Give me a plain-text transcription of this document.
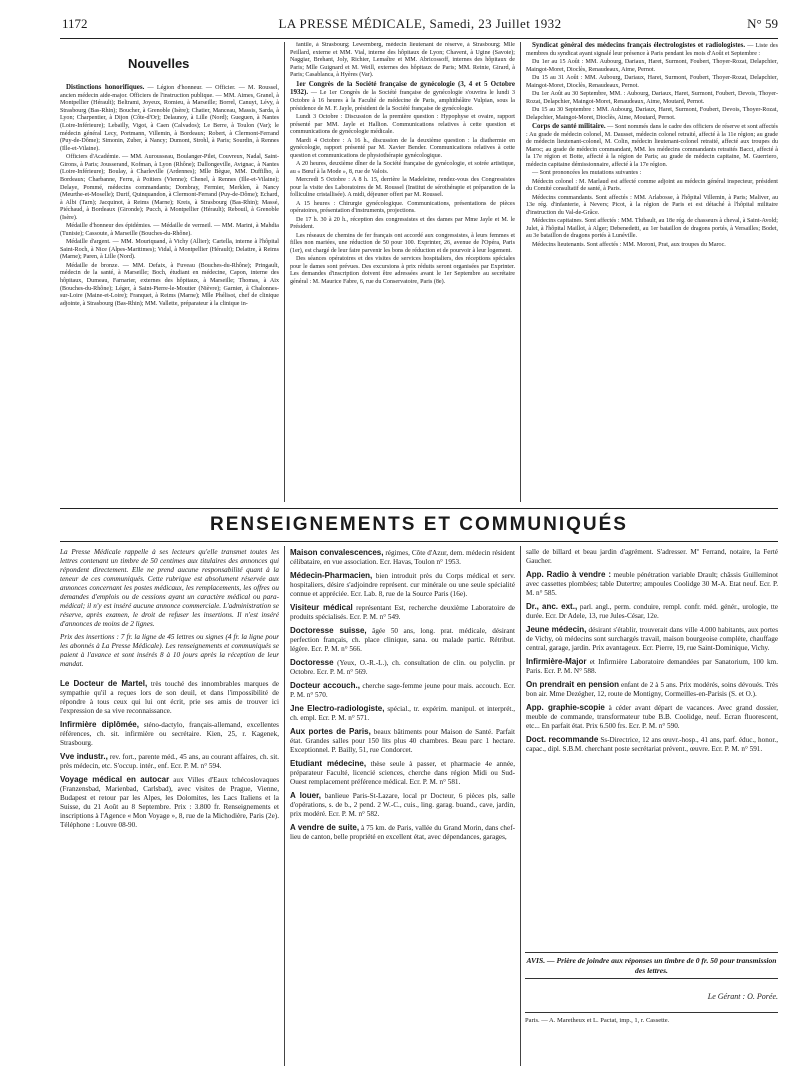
1172	LA PRESSE MÉDICALE, Samedi, 23 Juillet 1932	N° 59
Nouvelles

Distinctions honorifiques. — Légion d'honneur. — Officier. — M. Roussel, ancien médecin aide-major. Officiers de l'instruction publique. — MM. Aimes, Granel, à Montpellier (Hérault); Beltrami, Joyeux, Romieu, à Marseille; Borrel, Canuyt, Lévy, à Strasbourg (Bas-Rhin); Boucher, à Grenoble (Isère); Chatier, Manceau, Massis, Sarda, à Lyon; Charpentier, à Dijon (Côte-d'Or); Delaunoy, à Lille (Nord); Gueguen, à Nantes (Loire-Inférieure); Lebailly, Vigot, à Caen (Calvados); Le Berre, à Toulon (Var); le médecin général Lecy, Portmann, Villemin, à Bordeaux; Robert, à Clermont-Ferrand (Puy-de-Dôme); Simonin, Zuber, à Nancy; Dumont, Strohl, à Paris; Sourdin, à Rennes (Ille-et-Vilaine).

Officiers d'Académie. — MM. Aurousseau, Boulanger-Pilet, Couvreux, Nadal, Saint-Girons, à Paris; Jousserand, Kofman, à Lyon (Rhône); Dallongeville, Avignac, à Nantes (Loire-Inférieure); Boulay, à Charleville (Ardennes); Mlle Bègue, MM. Duffilho, à Bordeaux; Charbanne, Ferru, à Poitiers (Vienne); Chenel, à Rennes (Ille-et-Vilaine); Delaye, Pommé, médecins commandants; Dombray, Fermier, Merklen, à Nancy (Meurthe-et-Moselle); Durif, Quinquandon, à Clermont-Ferrand (Puy-de-Dôme); Echard, à Albi (Tarn); Jacquinot, à Reims (Marne); Kreis, à Strasbourg (Bas-Rhin); Massé, Piéchaud, à Bordeaux (Gironde); Pucch, à Montpellier (Hérault); Rebouil, à Grenoble (Isère).

Médaille d'honneur des épidémies. — Médaille de vermeil. — MM. Marini, à Mahdia (Tunisie); Cassoute, à Marseille (Bouches-du-Rhône).

Médaille d'argent. — MM. Mouriquand, à Vichy (Allier); Cartella, interne à l'hôpital Saint-Roch, à Nice (Alpes-Maritimes); Vidal, à Montpellier (Hérault); Delattre, à Reims (Marne); Paren, à Lille (Nord).

Médaille de bronze. — MM. Defaix, à Fuveau (Bouches-du-Rhône); Pringault, médecin de la santé, à Marseille; Boch, étudiant en médecine, Capon, interne des hôpitaux, Dumeau, Farnarier, externes des hôpitaux, à Marseille; Thomas, à Aix (Bouches-du-Rhône); Léger, à Saint-Pierre-le-Moutier (Nièvre); Garnier, à Chalonnes-sur-Loire (Maine-et-Loire); Franquet, à Reims (Marne); Mlle Phélisot, chef de clinique adjointe, à Strasbourg (Bas-Rhin); MM. Vallette, préparateur à la clinique in-

fantile, à Strasbourg; Lewemberg, médecin lieutenant de réserve, à Strasbourg; Mlle Peillard, externe et MM. Vial, interne des hôpitaux de Lyon; Chavent, à Ugine (Savoie); Naggiar, Brehant, Joly, Richier, Lemaître et MM. Abricossoff, internes des hôpitaux de Paris; Mlle Guignard et M. Weill, externes des hôpitaux de Paris; MM. Reinie, Girard, à Paris; Casablanca, à Hyères (Var).

1er Congrès de la Société française de gynécologie (3, 4 et 5 Octobre 1932). — Le 1er Congrès de la Société française de gynécologie s'ouvrira le lundi 3 Octobre à 16 heures à la Faculté de médecine de Paris, amphithéâtre Vulpian, sous la présidence de M. F. Jayle, président de la Société française de gynécologie.

Lundi 3 Octobre : Discussion de la première question : Hypophyse et ovaire, rapport présenté par MM. Jayle et Hallion. Communications relatives à cette question et communications de gynécologie médicale.

Mardi 4 Octobre : A 16 h., discussion de la deuxième question : la diathermie en gynécologie, rapport présenté par M. Xavier Bender. Communications relatives à cette question et communications de physiothérapie gynécologique.

A 20 heures, deuxième dîner de la Société française de gynécologie, et soirée artistique, au « Bœuf à la Mode », 8, rue de Valois.

Mercredi 5 Octobre : A 8 h. 15, derrière la Madeleine, rendez-vous des Congressistes pour la visite des Laboratoires de M. Roussel (Institut de sérothérapie et préparation de la folliculine cristallisée). A midi, déjeuner offert par M. Roussel.

A 15 heures : Chirurgie gynécologique. Communications, présentations de pièces opératoires, présentation d'instruments, projections.

De 17 h. 30 à 20 h., réception des congressistes et des dames par Mme Jayle et M. le Président.

Les réseaux de chemins de fer français ont accordé aux congressistes, à leurs femmes et filles non mariées, une réduction de 50 pour 100. Exprinter, 26, avenue de l'Opéra, Paris (1er), est chargé de leur faire parvenir les bons de réduction et de pourvoir à leur logement.

Des séances opératoires et des visites de services hospitaliers, des réceptions spéciales pour le dames sont prévues. Des excursions à prix réduits seront organisées par Exprinter. Les demandes d'inscription doivent être adressées avant le 1er Septembre au secrétaire général : M. Maurice Fabre, 6, rue du Conservatoire, Paris (8e).

Syndicat général des médecins français électrologistes et radiologistes. — Liste des membres du syndicat ayant signalé leur présence à Paris pendant les mois d'Août et Septembre :

Du 1er au 15 Août : MM. Aubourg, Dariaux, Haret, Surmont, Foubert, Thoyer-Rozat, Delapchier, Maingot-Moret, Dioclès, Renaudeaux, Aime, Pernot.

Du 15 au 31 Août : MM. Aubourg, Dariaux, Haret, Surmont, Foubert, Thoyer-Rozat, Delapchier, Maingot-Moret, Dioclès, Renaudeaux, Pernot.

Du 1er Août au 30 Septembre, MM. : Aubourg, Dariaux, Haret, Surmont, Foubert, Devois, Thoyer-Rozat, Delapchier, Maingot-Moret, Renaudeaux, Aime, Moutard, Pernot.

Du 15 au 30 Septembre : MM. Aubourg, Dariaux, Haret, Surmont, Foubert, Devois, Thoyer-Rozat, Delapchier, Maingot-Moret, Dioclès, Aime, Moutard, Pernot.

Corps de santé militaire. — Sont nommés dans le cadre des officiers de réserve et sont affectés : Au grade de médecin colonel, M. Dausset, médecin colonel retraité, affecté à la 11e région; au grade de médecin lieutenant-colonel, M. Colin, médecin lieutenant-colonel retraité, affecté aux troupes du Maroc; au grade de médecin commandant, MM. les médecins commandants retraités Bacci, affecté à la 17e région et Botte, affecté à la région de Paris; au grade de médecin capitaine, M. Guerriero, médecin capitaine démissionnaire, affecté à la 17e région.

— Sont prononcées les mutations suivantes :

Médecin colonel : M. Marlaud est affecté comme adjoint au médecin général inspecteur, président du Comité consultatif de santé, à Paris.

Médecins commandants. Sont affectés : MM. Arlabosse, à l'hôpital Villemin, à Paris; Maliver, au 13e rég. d'infanterie, à Nevers; Picot, à la région de Paris et est détaché à l'hôpital militaire d'instruction du Val-de-Grâce.

Médecins capitaines. Sont affectés : MM. Thibault, au 18e rég. de chasseurs à cheval, à Saint-Avold; Julet, à l'hôpital Maillot, à Alger; Debenedetti, au 1er bataillon de dragons portés, à Versailles; Bodet, au 3e bataillon de dragons portés à Lunéville.

Médecins lieutenants. Sont affectés : MM. Moroni, Prat, aux troupes du Maroc.

RENSEIGNEMENTS ET COMMUNIQUÉS

La Presse Médicale rappelle à ses lecteurs qu'elle transmet toutes les lettres contenant un timbre de 50 centimes aux titulaires des annonces qui répondent directement. Elle ne prend aucune responsabilité quant à la teneur de ces communiqués. Cette rubrique est absolument réservée aux annonces concernant les postes médicaux, les remplacements, les offres ou demandes d'emplois ou de cessions ayant un caractère médical ou para-médical; il n'y est inséré aucune annonce commerciale. L'administration se réserve, après examen, le droit de refuser les insertions. Il n'est inséré d'annonces de moins de 2 lignes.

Prix des insertions : 7 fr. la ligne de 45 lettres ou signes (4 fr. la ligne pour les abonnés à La Presse Médicale). Les renseignements et communiqués se paient à l'avance et sont insérés 8 à 10 jours après la réception de leur mandat.

Le Docteur de Martel, très touché des innombrables marques de sympathie qu'il a reçues lors de son deuil, et dans l'impossibilité de répondre à tous ceux qui lui ont écrit, prie ses amis de trouver ici l'expression de sa vive reconnaissance.

Infirmière diplômée, sténo-dactylo, français-allemand, excellentes références, ch. sit. infirmière ou secrétaire. Kien, 25, r. Kagenek, Strasbourg.

Vve industr., rev. fort., parente méd., 45 ans, au courant affaires, ch. sit. près médecin, etc. S'occup. intér., enf. Ecr. P. M. n° 594.

Voyage médical en autocar aux Villes d'Eaux tchécoslovaques (Franzensbad, Marienbad, Carlsbad), avec visites de Prague, Vienne, Budapest et retour par les Alpes, les Dolomites, les Lacs Italiens et la Suisse, du 21 Août au 8 Septembre. Prix : 3.800 fr. Renseignements et inscriptions à l'Agence « Mon Voyage », 8, rue de la Michodière, Paris (2e). Téléphone : Louvre 08-90.

Maison convalescences, régimes, Côte d'Azur, dem. médecin résident célibataire, en vue association. Ecr. Havas, Toulon n° 1953.

Médecin-Pharmacien, bien introduit près du Corps médical et serv. hospitaliers, désire s'adjoindre représent. cur minérale ou une seule spécialité connue et appréciée. Ecr. Lab. 8, rue de la Source Paris (16e).

Visiteur médical représentant Est, recherche deuxième Laboratoire de produits spécialisés. Ecr. P. M. n° 549.

Doctoresse suisse, âgée 50 ans, long. prat. médicale, désirant perfection français, ch. place clinique, sana. ou malade partic. Rétribut. légère. Ecr. P. M. n° 566.

Doctoresse (Yeux, O.-R.-L.), ch. consultation de clin. ou polyclin. pr Octobre. Ecr. P. M. n° 569.

Docteur accouch., cherche sage-femme jeune pour mais. accouch. Ecr. P. M. n° 570.

Jne Electro-radiologiste, spécial., tr. expérim. manipul. et interprét., ch. empl. Ecr. P. M. n° 571.

Aux portes de Paris, beaux bâtiments pour Maison de Santé. Parfait état. Grandes salles pour 150 lits plus 40 chambres. Beau parc 1 hectare. Exceptionnel. P. Bailly, 51, rue Condorcet.

Etudiant médecine, thèse seule à passer, et pharmacie 4e année, préparateur Faculté, licencié sciences, cherche dans région Midi ou Sud-Ouest remplacement préférence médical. Ecr. P. M. n° 581.

A louer, banlieue Paris-St-Lazare, local pr Docteur, 6 pièces pls, salle d'opérations, s. de b., 2 pend. 2 W.-C., cuis., ling. garag. buand., cave, jardin, prix modéré. Ecr. P. M. n° 582.

A vendre de suite, à 75 km. de Paris, vallée du Grand Morin, dans chef-lieu de canton, belle propriété en excellent état, avec dépendances, garages,

salle de billard et beau jardin d'agrément. S'adresser. Mº Ferrand, notaire, la Ferté Gaucher.

App. Radio à vendre : meuble pénétration variable Drault; châssis Guilleminot avec cassettes plombées; table Dutertre; ampoules Coolidge 30 M-A. Etat neuf. Ecr. P. M. n° 585.

Dr., anc. ext., parl. angl., perm. conduire, rempl. confr. méd. génér., urologie, tte durée. Ecr. Dr Adele, 13, rue Jules-César, 12e.

Jeune médecin, désirant s'établir, trouverait dans ville 4.000 habitants, aux portes de Vichy, où médecins sont surchargés travail, maison bourgeoise complète, chauffage central, garage, jardin. Prix avantageux. Ecr. Pierre, 19, rue Saint-Dominique, Vichy.

Infirmière-Major et Infirmière Laboratoire demandées par Sanatorium, 100 km. Paris. Ecr. P. M. N° 588.

On prendrait en pension enfant de 2 à 5 ans. Prix modérés, soins dévoués. Très bon air. Mme Dezégher, 12, route de Montigny, Cormeilles-en-Parisis (S. et O.).

App. graphie-scopie à céder avant départ de vacances. Avec grand dossier, meuble de commande, transformateur tube B.B. Coolidge, neuf. Ecran fluorescent, etc... En parfait état. Prix 6.500 frs. Ecr. P. M. n° 590.

Doct. recommande Ss-Directrice, 12 ans œuvr.-hosp., 41 ans, parf. éduc., honor., capac., dipl. S.B.M. cherchant poste secrétariat prévent., œuvre. Ecr. P. M. n° 591.

AVIS. — Prière de joindre aux réponses un timbre de 0 fr. 50 pour transmission des lettres.
Le Gérant : O. Porée.
Paris. — A. Maretheux et L. Pactat, imp., 1, r. Cassette.
